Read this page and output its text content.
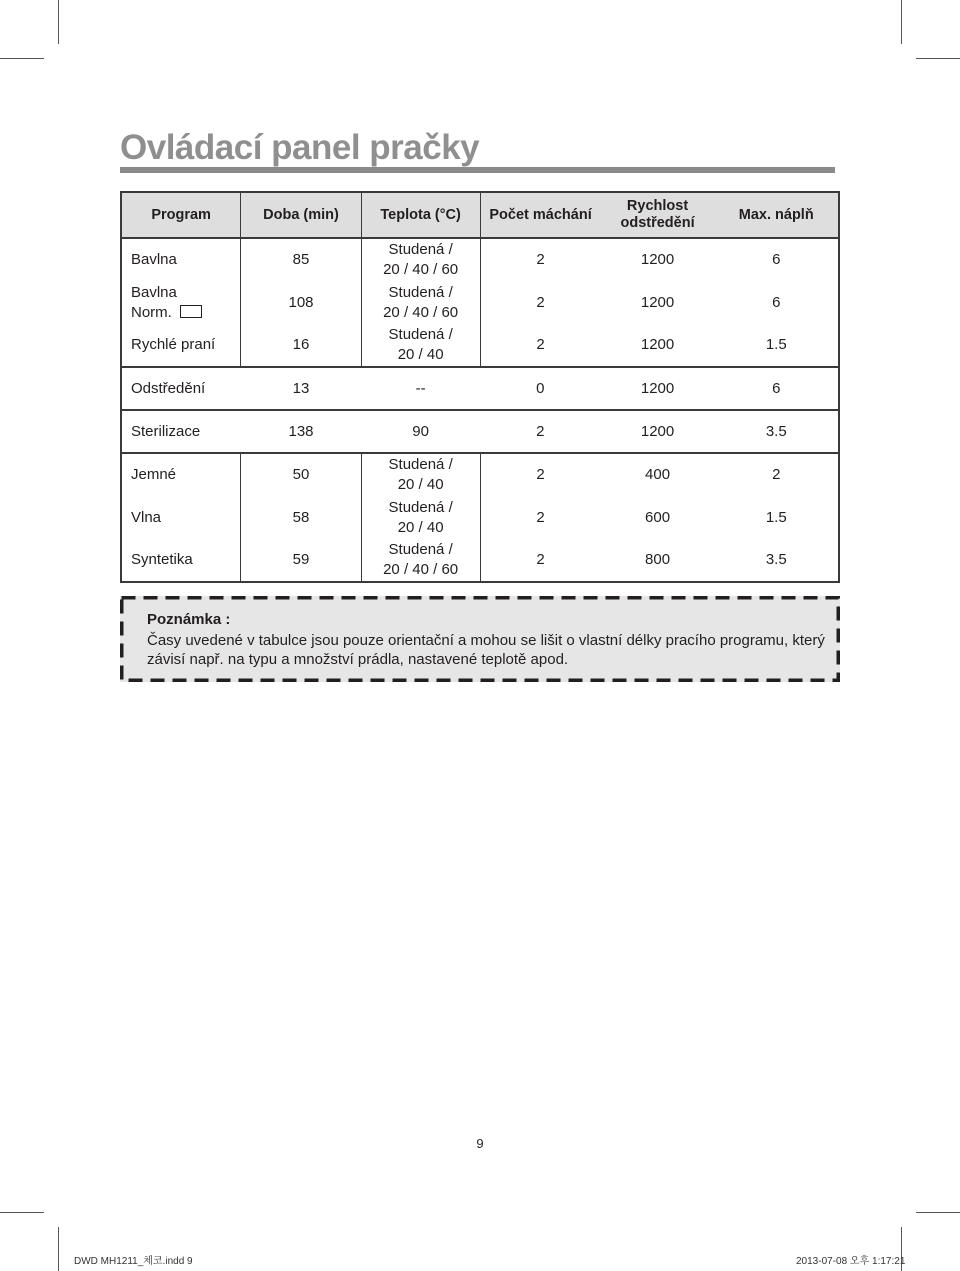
Ovládací panel pračky
Program	Doba (min)	Teplota (°C)	Počet máchání	Rychlost odstředění	Max. náplň
Bavlna	85	Studená / 20 / 40 / 60	2	1200	6
Bavlna Norm.	108	Studená / 20 / 40 / 60	2	1200	6
Rychlé praní	16	Studená / 20 / 40	2	1200	1.5
Odstředění	13	--	0	1200	6
Sterilizace	138	90	2	1200	3.5
Jemné	50	Studená / 20 / 40	2	400	2
Vlna	58	Studená / 20 / 40	2	600	1.5
Syntetika	59	Studená / 20 / 40 / 60	2	800	3.5
Poznámka :
Časy uvedené v tabulce jsou pouze orientační a mohou se lišit o vlastní délky pracího programu, který závisí např. na typu a množství prádla, nastavené teplotě apod.
9
DWD MH1211_체코.indd 9	2013-07-08 오후 1:17:21
